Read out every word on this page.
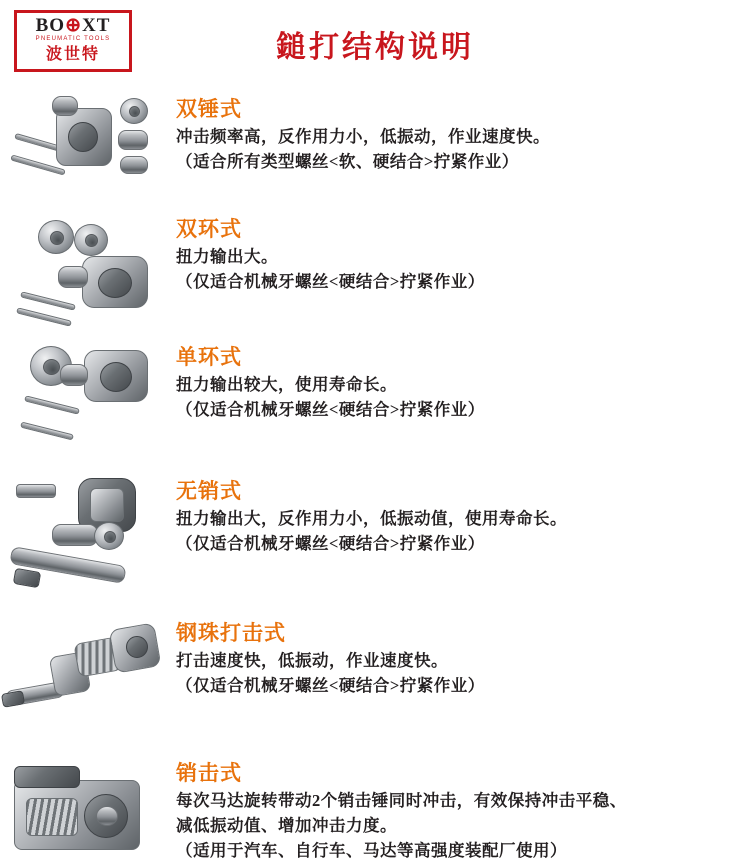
BO⊕XT
PNEUMATIC TOOLS
波世特	鎚打结构说明
双锤式
冲击频率高，反作用力小，低振动，作业速度快。
（适合所有类型螺丝<软、硬结合>拧紧作业）
双环式
扭力输出大。
（仅适合机械牙螺丝<硬结合>拧紧作业）
单环式
扭力输出较大，使用寿命长。
（仅适合机械牙螺丝<硬结合>拧紧作业）
无销式
扭力输出大，反作用力小，低振动值，使用寿命长。
（仅适合机械牙螺丝<硬结合>拧紧作业）
钢珠打击式
打击速度快，低振动，作业速度快。
（仅适合机械牙螺丝<硬结合>拧紧作业）
销击式
每次马达旋转带动2个销击锤同时冲击，有效保持冲击平稳、
减低振动值、增加冲击力度。
（适用于汽车、自行车、马达等高强度装配厂使用）
